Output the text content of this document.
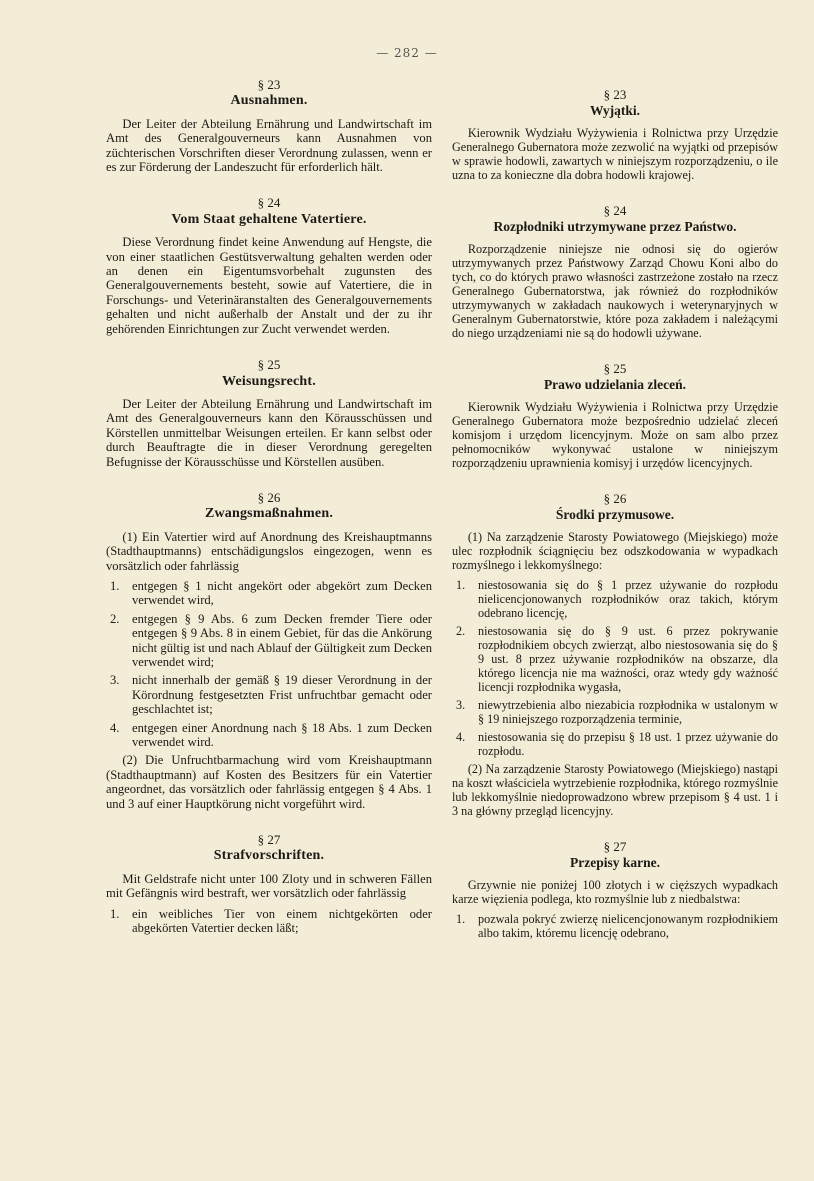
— 282 —

§ 23

Ausnahmen.

Der Leiter der Abteilung Ernährung und Landwirtschaft im Amt des Generalgouverneurs kann Ausnahmen von züchterischen Vorschriften dieser Verordnung zulassen, wenn er es zur Förderung der Landeszucht für erforderlich hält.

§ 24

Vom Staat gehaltene Vatertiere.

Diese Verordnung findet keine Anwendung auf Hengste, die von einer staatlichen Gestütsverwaltung gehalten werden oder an denen ein Eigentumsvorbehalt zugunsten des Generalgouvernements besteht, sowie auf Vatertiere, die in Forschungs- und Veterinäranstalten des Generalgouvernements gehalten und nicht außerhalb der Anstalt und der zu ihr gehörenden Einrichtungen zur Zucht verwendet werden.

§ 25

Weisungsrecht.

Der Leiter der Abteilung Ernährung und Landwirtschaft im Amt des Generalgouverneurs kann den Körausschüssen und Körstellen unmittelbar Weisungen erteilen. Er kann selbst oder durch Beauftragte die in dieser Verordnung geregelten Befugnisse der Körausschüsse und Körstellen ausüben.

§ 26

Zwangsmaßnahmen.

(1) Ein Vatertier wird auf Anordnung des Kreishauptmanns (Stadthauptmanns) entschädigungslos eingezogen, wenn es vorsätzlich oder fahrlässig

1. entgegen § 1 nicht angekört oder abgekört zum Decken verwendet wird,
2. entgegen § 9 Abs. 6 zum Decken fremder Tiere oder entgegen § 9 Abs. 8 in einem Gebiet, für das die Ankörung nicht gültig ist und nach Ablauf der Gültigkeit zum Decken verwendet wird;
3. nicht innerhalb der gemäß § 19 dieser Verordnung in der Körordnung festgesetzten Frist unfruchtbar gemacht oder geschlachtet ist;
4. entgegen einer Anordnung nach § 18 Abs. 1 zum Decken verwendet wird.

(2) Die Unfruchtbarmachung wird vom Kreishauptmann (Stadthauptmann) auf Kosten des Besitzers für ein Vatertier angeordnet, das vorsätzlich oder fahrlässig entgegen § 4 Abs. 1 und 3 auf einer Hauptkörung nicht vorgeführt wird.

§ 27

Strafvorschriften.

Mit Geldstrafe nicht unter 100 Zloty und in schweren Fällen mit Gefängnis wird bestraft, wer vorsätzlich oder fahrlässig

1. ein weibliches Tier von einem nichtgekörten oder abgekörten Vatertier decken läßt;

§ 23

Wyjątki.

Kierownik Wydziału Wyżywienia i Rolnictwa przy Urzędzie Generalnego Gubernatora może zezwolić na wyjątki od przepisów w sprawie hodowli, zawartych w niniejszym rozporządzeniu, o ile uzna to za konieczne dla dobra hodowli krajowej.

§ 24

Rozpłodniki utrzymywane przez Państwo.

Rozporządzenie niniejsze nie odnosi się do ogierów utrzymywanych przez Państwowy Zarząd Chowu Koni albo do tych, co do których prawo własności zastrzeżone zostało na rzecz Generalnego Gubernatorstwa, jak również do rozpłodników utrzymywanych w zakładach naukowych i weterynaryjnych w Generalnym Gubernatorstwie, które poza zakładem i należącymi do niego urządzeniami nie są do hodowli używane.

§ 25

Prawo udzielania zleceń.

Kierownik Wydziału Wyżywienia i Rolnictwa przy Urzędzie Generalnego Gubernatora może bezpośrednio udzielać zleceń komisjom i urzędom licencyjnym. Może on sam albo przez pełnomocników wykonywać ustalone w niniejszym rozporządzeniu uprawnienia komisyj i urzędów licencyjnych.

§ 26

Środki przymusowe.

(1) Na zarządzenie Starosty Powiatowego (Miejskiego) może ulec rozpłodnik ściągnięciu bez odszkodowania w wypadkach rozmyślnego i lekkomyślnego:

1.	niestosowania się do § 1 przez używanie do rozpłodu nielicencjonowanych rozpłodników oraz takich, którym odebrano licencję,
2.	niestosowania się do § 9 ust. 6 przez pokrywanie rozpłodnikiem obcych zwierząt, albo niestosowania się do § 9 ust. 8 przez używanie rozpłodników na obszarze, dla którego licencja nie ma ważności, oraz wtedy gdy ważność licencji rozpłodnika wygasła,
3.	niewytrzebienia albo niezabicia rozpłodnika w ustalonym w § 19 niniejszego rozporządzenia terminie,
4.	niestosowania się do przepisu § 18 ust. 1 przez używanie do rozpłodu.

(2) Na zarządzenie Starosty Powiatowego (Miejskiego) nastąpi na koszt właściciela wytrzebienie rozpłodnika, którego rozmyślnie lub lekkomyślnie niedoprowadzono wbrew przepisom § 4 ust. 1 i 3 na główny przegląd licencyjny.

§ 27

Przepisy karne.

Grzywnie nie poniżej 100 złotych i w cięższych wypadkach karze więzienia podlega, kto rozmyślnie lub z niedbalstwa:

1.	pozwala pokryć zwierzę nielicencjonowanym rozpłodnikiem albo takim, któremu licencję odebrano,
